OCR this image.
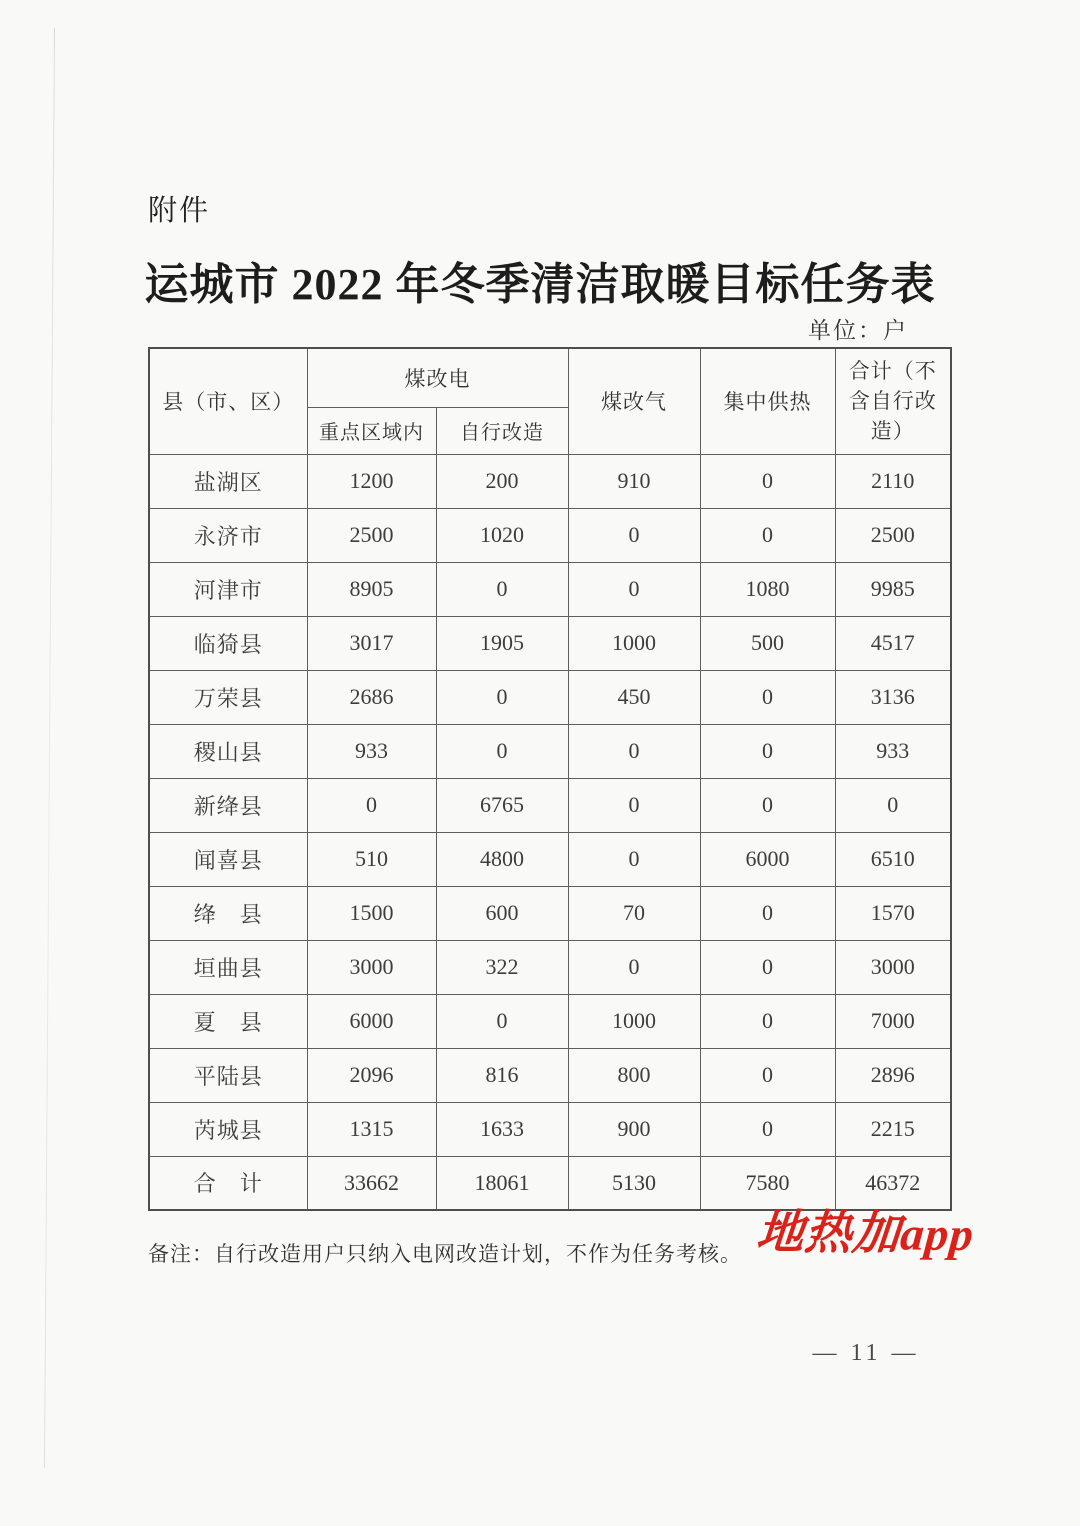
附件
运城市 2022 年冬季清洁取暖目标任务表
单位：户
县（市、区）	煤改电		煤改气	集中供热	合计（不含自行改造）
	重点区域内	自行改造			
盐湖区	1200	200	910	0	2110
永济市	2500	1020	0	0	2500
河津市	8905	0	0	1080	9985
临猗县	3017	1905	1000	500	4517
万荣县	2686	0	450	0	3136
稷山县	933	0	0	0	933
新绛县	0	6765	0	0	0
闻喜县	510	4800	0	6000	6510
绛　县	1500	600	70	0	1570
垣曲县	3000	322	0	0	3000
夏　县	6000	0	1000	0	7000
平陆县	2096	816	800	0	2896
芮城县	1315	1633	900	0	2215
合　计	33662	18061	5130	7580	46372
备注：自行改造用户只纳入电网改造计划，不作为任务考核。 地热加app
— 11 —
